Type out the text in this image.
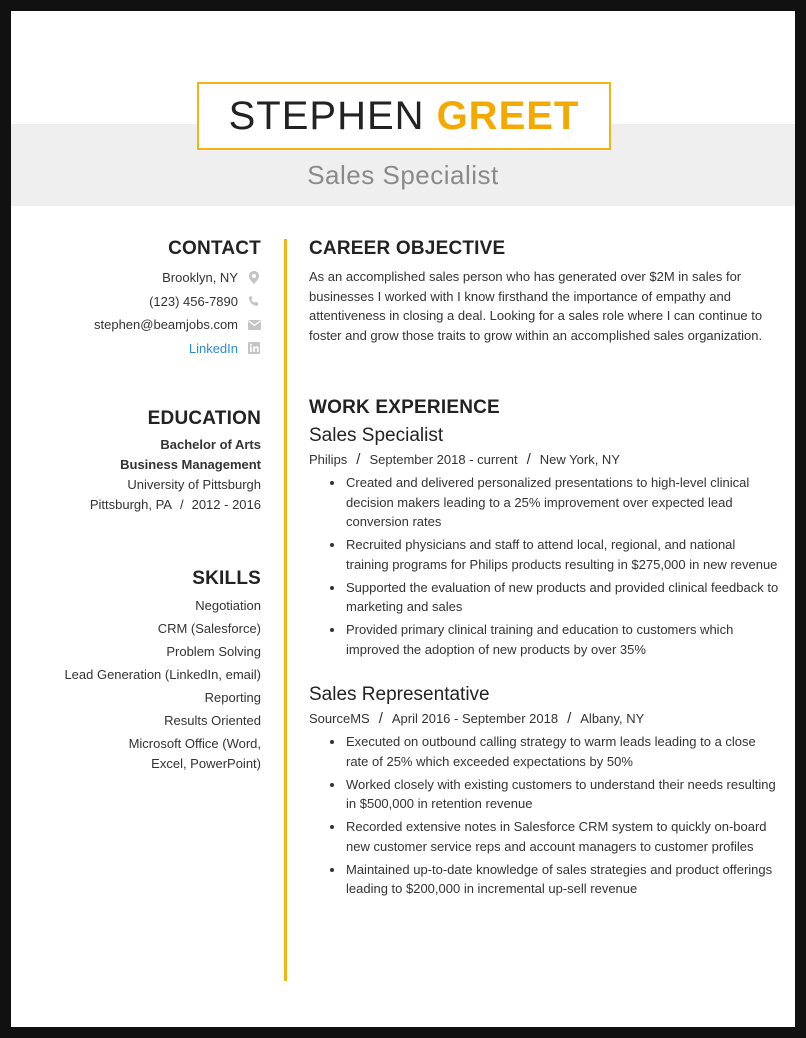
STEPHEN GREET
Sales Specialist
CONTACT
Brooklyn, NY
(123) 456-7890
stephen@beamjobs.com
LinkedIn
EDUCATION
Bachelor of Arts
Business Management
University of Pittsburgh
Pittsburgh, PA / 2012 - 2016
SKILLS
Negotiation
CRM (Salesforce)
Problem Solving
Lead Generation (LinkedIn, email)
Reporting
Results Oriented
Microsoft Office (Word, Excel, PowerPoint)
CAREER OBJECTIVE

As an accomplished sales person who has generated over $2M in sales for businesses I worked with I know firsthand the importance of empathy and attentiveness in closing a deal. Looking for a sales role where I can continue to foster and grow those traits to grow within an accomplished sales organization.

WORK EXPERIENCE
Sales Specialist
Philips / September 2018 - current / New York, NY
Created and delivered personalized presentations to high-level clinical decision makers leading to a 25% improvement over expected lead conversion rates
Recruited physicians and staff to attend local, regional, and national training programs for Philips products resulting in $275,000 in new revenue
Supported the evaluation of new products and provided clinical feedback to marketing and sales
Provided primary clinical training and education to customers which improved the adoption of new products by over 35%
Sales Representative
SourceMS / April 2016 - September 2018 / Albany, NY
Executed on outbound calling strategy to warm leads leading to a close rate of 25% which exceeded expectations by 50%
Worked closely with existing customers to understand their needs resulting in $500,000 in retention revenue
Recorded extensive notes in Salesforce CRM system to quickly on-board new customer service reps and account managers to customer profiles
Maintained up-to-date knowledge of sales strategies and product offerings leading to $200,000 in incremental up-sell revenue
